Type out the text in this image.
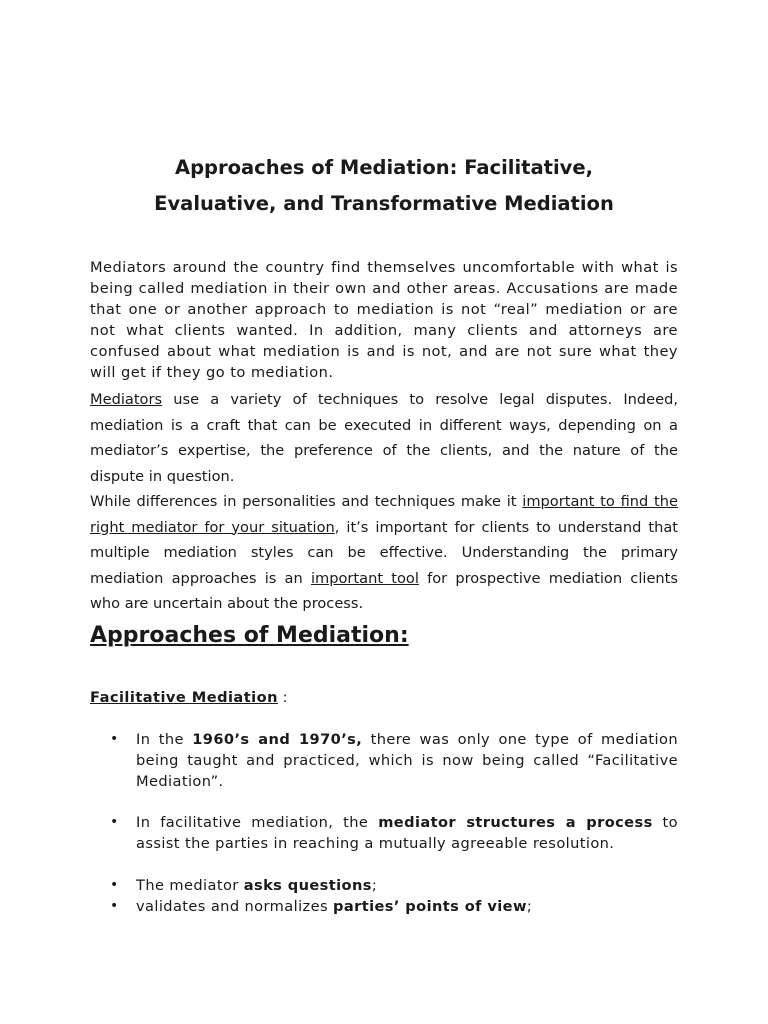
Approaches of Mediation: Facilitative,
Evaluative, and Transformative Mediation

Mediators around the country find themselves uncomfortable with what is being called mediation in their own and other areas. Accusations are made that one or another approach to mediation is not “real” mediation or are not what clients wanted. In addition, many clients and attorneys are confused about what mediation is and is not, and are not sure what they will get if they go to mediation.

Mediators use a variety of techniques to resolve legal disputes. Indeed, mediation is a craft that can be executed in different ways, depending on a mediator’s expertise, the preference of the clients, and the nature of the dispute in question.

While differences in personalities and techniques make it important to find the right mediator for your situation, it’s important for clients to understand that multiple mediation styles can be effective. Understanding the primary mediation approaches is an important tool for prospective mediation clients who are uncertain about the process.

Approaches of Mediation:

Facilitative Mediation :

• In the 1960’s and 1970’s, there was only one type of mediation being taught and practiced, which is now being called “Facilitative Mediation”.
• In facilitative mediation, the mediator structures a process to assist the parties in reaching a mutually agreeable resolution.
• The mediator asks questions;
• validates and normalizes parties’ points of view;
